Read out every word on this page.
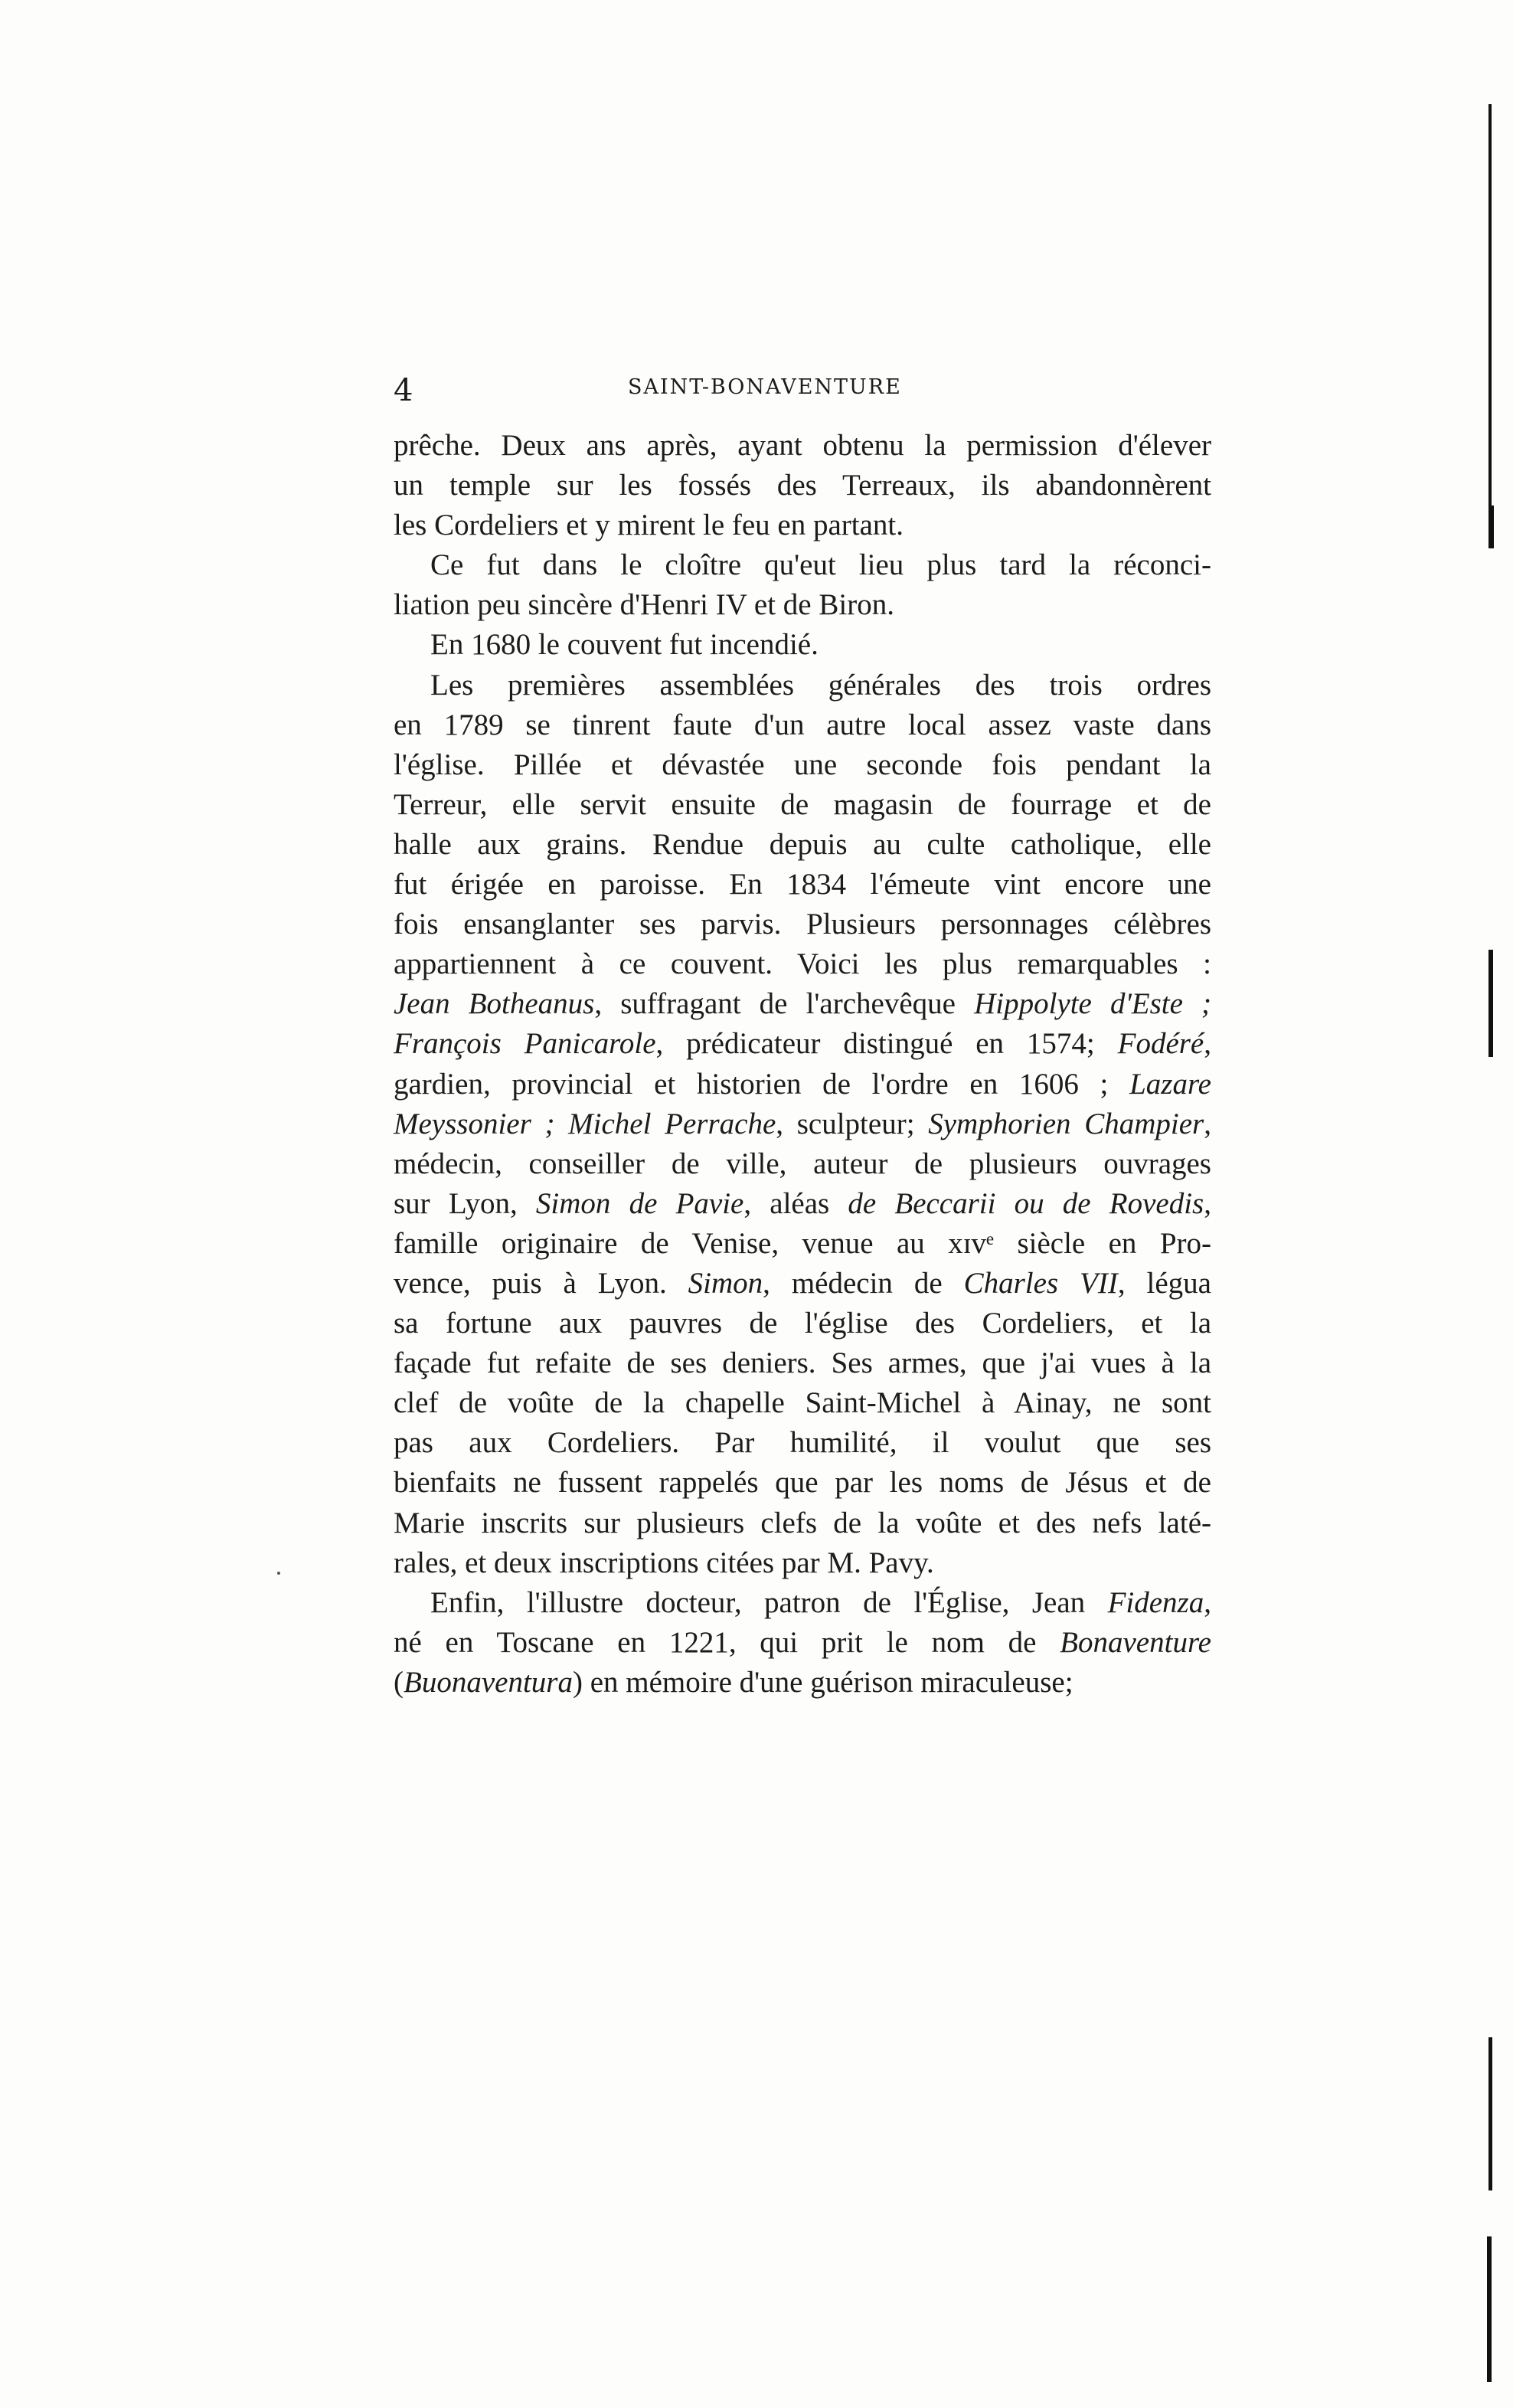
4	SAINT-BONAVENTURE
prêche. Deux ans après, ayant obtenu la permission d'élever
un temple sur les fossés des Terreaux, ils abandonnèrent
les Cordeliers et y mirent le feu en partant.
Ce fut dans le cloître qu'eut lieu plus tard la réconci-
liation peu sincère d'Henri IV et de Biron.
En 1680 le couvent fut incendié.
Les premières assemblées générales des trois ordres
en 1789 se tinrent faute d'un autre local assez vaste dans
l'église. Pillée et dévastée une seconde fois pendant la
Terreur, elle servit ensuite de magasin de fourrage et de
halle aux grains. Rendue depuis au culte catholique, elle
fut érigée en paroisse. En 1834 l'émeute vint encore une
fois ensanglanter ses parvis. Plusieurs personnages célèbres
appartiennent à ce couvent. Voici les plus remarquables :
Jean Botheanus, suffragant de l'archevêque Hippolyte d'Este ;
François Panicarole, prédicateur distingué en 1574; Fodéré,
gardien, provincial et historien de l'ordre en 1606 ; Lazare
Meyssonier ; Michel Perrache, sculpteur; Symphorien Champier,
médecin, conseiller de ville, auteur de plusieurs ouvrages
sur Lyon, Simon de Pavie, aléas de Beccarii ou de Rovedis,
famille originaire de Venise, venue au xɪvᵉ siècle en Pro-
vence, puis à Lyon. Simon, médecin de Charles VII, légua
sa fortune aux pauvres de l'église des Cordeliers, et la
façade fut refaite de ses deniers. Ses armes, que j'ai vues à la
clef de voûte de la chapelle Saint-Michel à Ainay, ne sont
pas aux Cordeliers. Par humilité, il voulut que ses
bienfaits ne fussent rappelés que par les noms de Jésus et de
Marie inscrits sur plusieurs clefs de la voûte et des nefs laté-
rales, et deux inscriptions citées par M. Pavy.
Enfin, l'illustre docteur, patron de l'Église, Jean Fidenza,
né en Toscane en 1221, qui prit le nom de Bonaventure
(Buonaventura) en mémoire d'une guérison miraculeuse;
